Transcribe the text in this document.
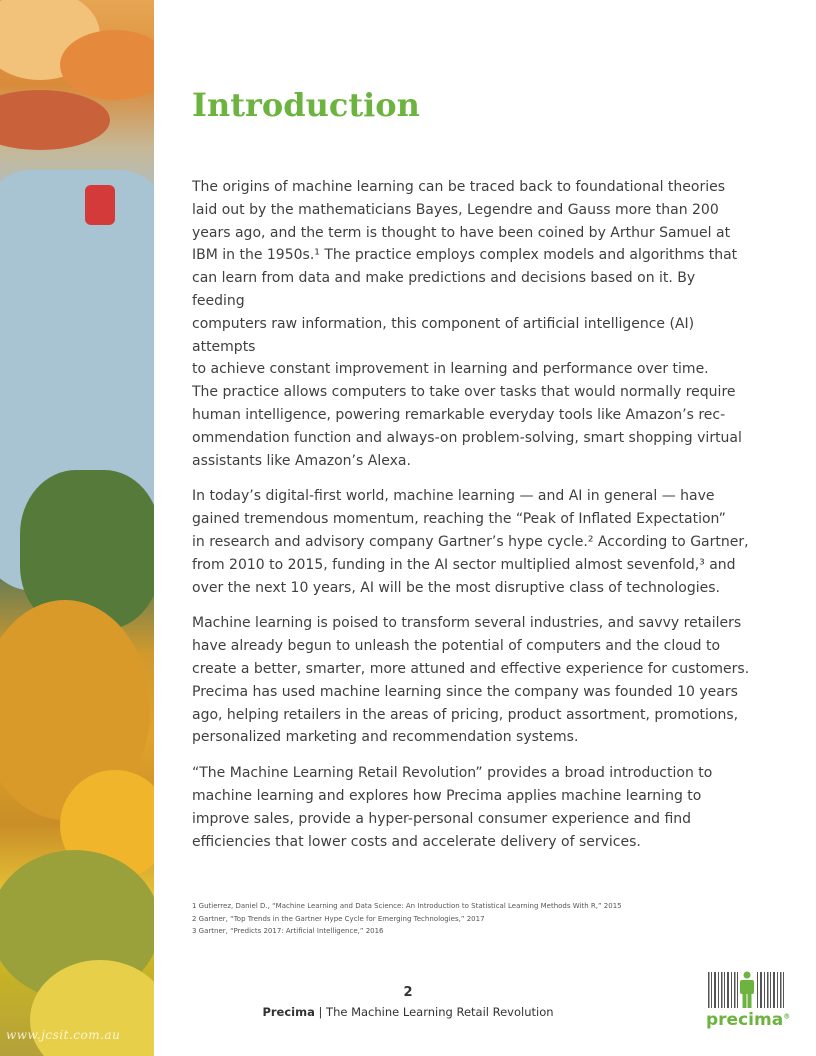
www.jcsit.com.au
Introduction

The origins of machine learning can be traced back to foundational theories
laid out by the mathematicians Bayes, Legendre and Gauss more than 200
years ago, and the term is thought to have been coined by Arthur Samuel at
IBM in the 1950s.¹ The practice employs complex models and algorithms that
can learn from data and make predictions and decisions based on it. By feeding
computers raw information, this component of artificial intelligence (AI) attempts
to achieve constant improvement in learning and performance over time.
The practice allows computers to take over tasks that would normally require
human intelligence, powering remarkable everyday tools like Amazon’s rec-
ommendation function and always-on problem-solving, smart shopping virtual
assistants like Amazon’s Alexa.

In today’s digital-first world, machine learning — and AI in general — have
gained tremendous momentum, reaching the “Peak of Inflated Expectation”
in research and advisory company Gartner’s hype cycle.² According to Gartner,
from 2010 to 2015, funding in the AI sector multiplied almost sevenfold,³ and
over the next 10 years, AI will be the most disruptive class of technologies.

Machine learning is poised to transform several industries, and savvy retailers
have already begun to unleash the potential of computers and the cloud to
create a better, smarter, more attuned and effective experience for customers.
Precima has used machine learning since the company was founded 10 years
ago, helping retailers in the areas of pricing, product assortment, promotions,
personalized marketing and recommendation systems.

“The Machine Learning Retail Revolution” provides a broad introduction to
machine learning and explores how Precima applies machine learning to
improve sales, provide a hyper-personal consumer experience and find
efficiencies that lower costs and accelerate delivery of services.

1 Gutierrez, Daniel D., “Machine Learning and Data Science: An Introduction to Statistical Learning Methods With R,” 2015
2 Gartner, “Top Trends in the Gartner Hype Cycle for Emerging Technologies,” 2017
3 Gartner, “Predicts 2017: Artificial Intelligence,” 2016
2
Precima | The Machine Learning Retail Revolution	precima®
